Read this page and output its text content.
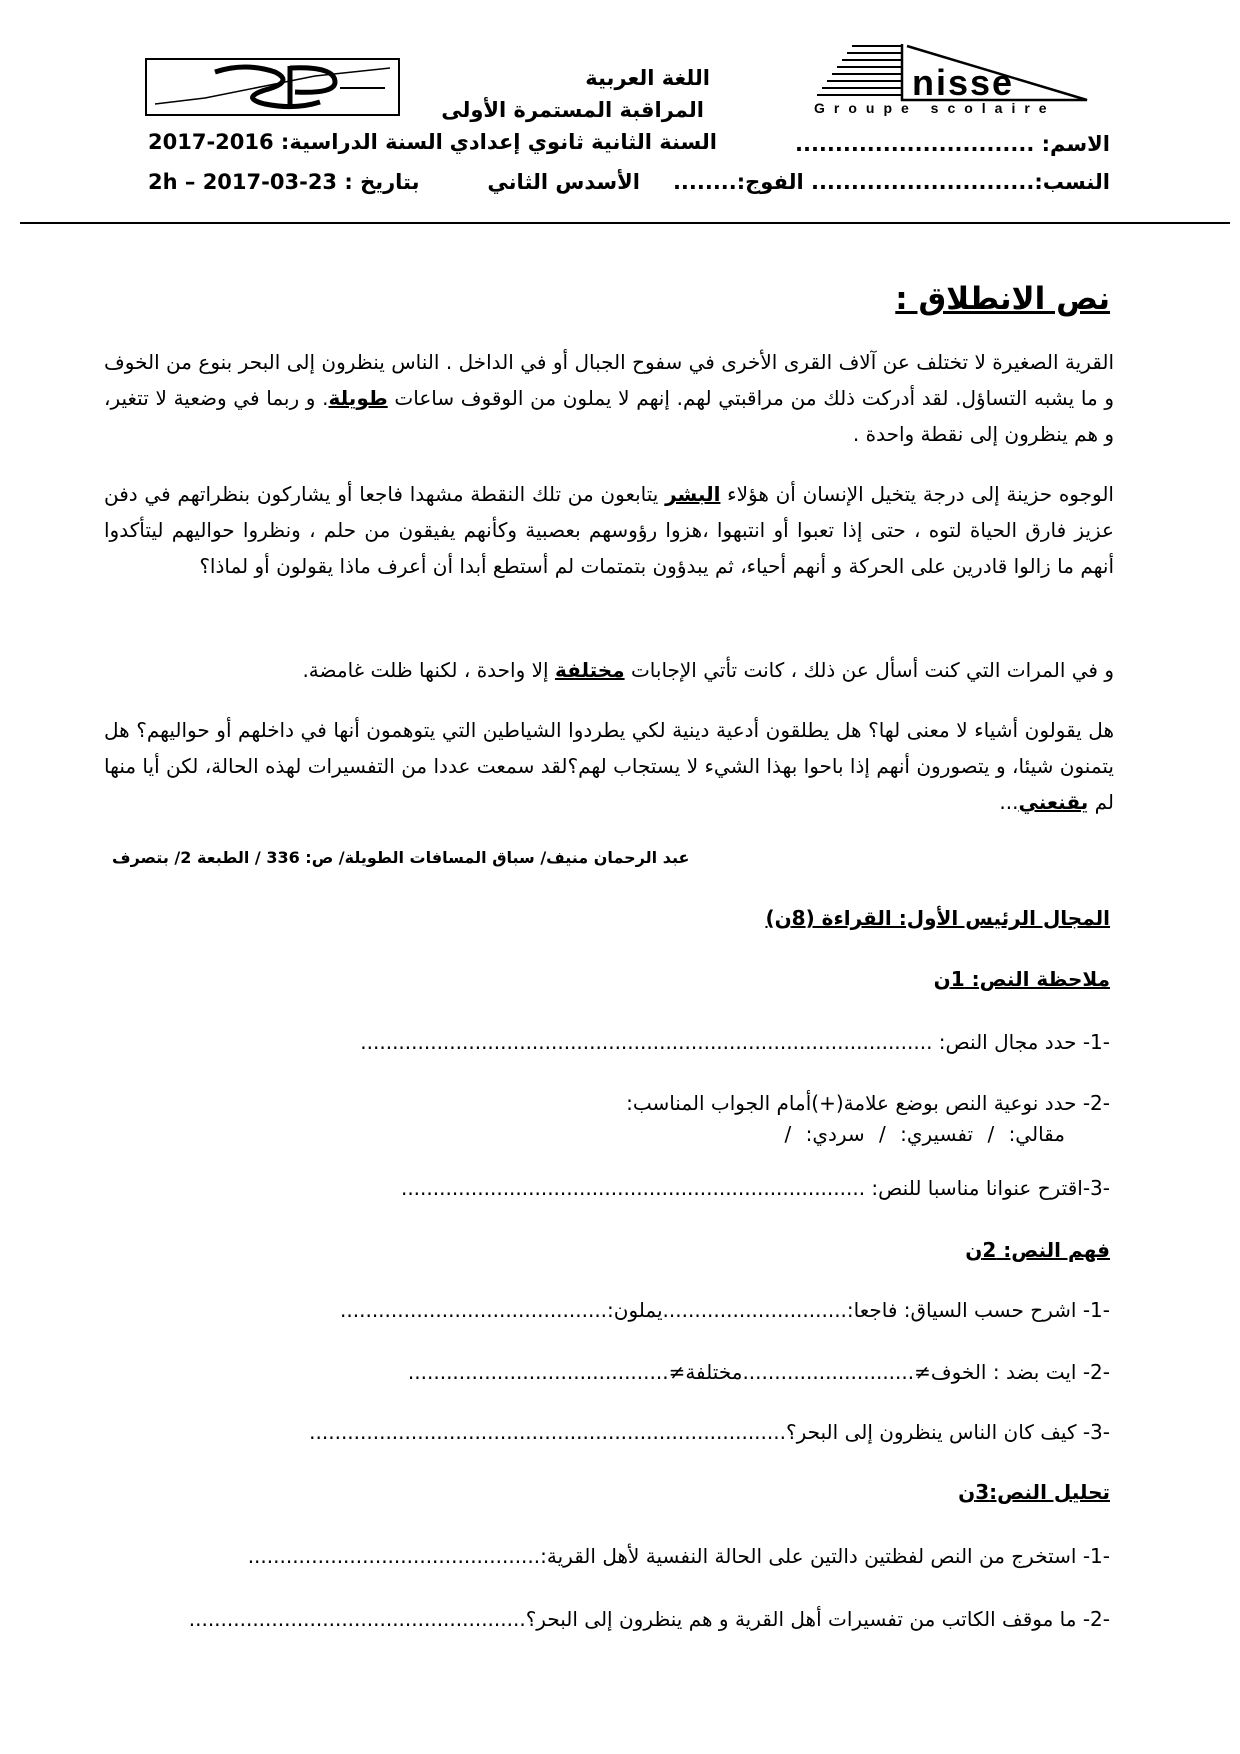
nisse
Groupe scolaire
اللغة العربية
المراقبة المستمرة الأولى
السنة الثانية ثانوي إعدادي
الأسدس الثاني
السنة الدراسية: 2016-2017
بتاريخ : 23-03-2017 – 2h
الاسم: ..............................
النسب:............................ الفوج:........
نص الانطلاق :
القرية الصغيرة لا تختلف عن آلاف القرى الأخرى في سفوح الجبال أو في الداخل . الناس ينظرون إلى البحر بنوع من الخوف و ما يشبه التساؤل. لقد أدركت ذلك من مراقبتي لهم. إنهم لا يملون من الوقوف ساعات طويلة. و ربما في وضعية لا تتغير، و هم ينظرون إلى نقطة واحدة .
الوجوه حزينة إلى درجة يتخيل الإنسان أن هؤلاء البشر يتابعون من تلك النقطة مشهدا فاجعا أو يشاركون بنظراتهم في دفن عزيز فارق الحياة لتوه ، حتى إذا تعبوا أو انتبهوا ،هزوا رؤوسهم بعصبية وكأنهم يفيقون من حلم ، ونظروا حواليهم ليتأكدوا أنهم ما زالوا قادرين على الحركة و أنهم أحياء، ثم يبدؤون بتمتمات لم أستطع أبدا أن أعرف ماذا يقولون أو لماذا؟
و في المرات التي كنت أسأل عن ذلك ، كانت تأتي الإجابات مختلفة إلا واحدة ، لكنها ظلت غامضة.
هل يقولون أشياء لا معنى لها؟ هل يطلقون أدعية دينية لكي يطردوا الشياطين التي يتوهمون أنها في داخلهم أو حواليهم؟ هل يتمنون شيئا، و يتصورون أنهم إذا باحوا بهذا الشيء لا يستجاب لهم؟لقد سمعت عددا من التفسيرات لهذه الحالة، لكن أيا منها لم يقنعني...
عبد الرحمان منيف/ سباق المسافات الطويلة/ ص: 336 / الطبعة 2/ بتصرف
المجال الرئيس الأول: القراءة (8ن)
ملاحظة النص: 1ن
-1- حدد مجال النص: ..........................................................................................
-2- حدد نوعية النص بوضع علامة(+)أمام الجواب المناسب:
مقالي: / تفسيري: / سردي: /
-3-اقترح عنوانا مناسبا للنص: .........................................................................
فهم النص: 2ن
-1- اشرح حسب السياق: فاجعا:.............................يملون:..........................................
-2- ايت بضد : الخوف≠...........................مختلفة≠.........................................
-3- كيف كان الناس ينظرون إلى البحر؟...........................................................................
تحليل النص:3ن
-1- استخرج من النص لفظتين دالتين على الحالة النفسية لأهل القرية:..............................................
-2- ما موقف الكاتب من تفسيرات أهل القرية و هم ينظرون إلى البحر؟.....................................................
